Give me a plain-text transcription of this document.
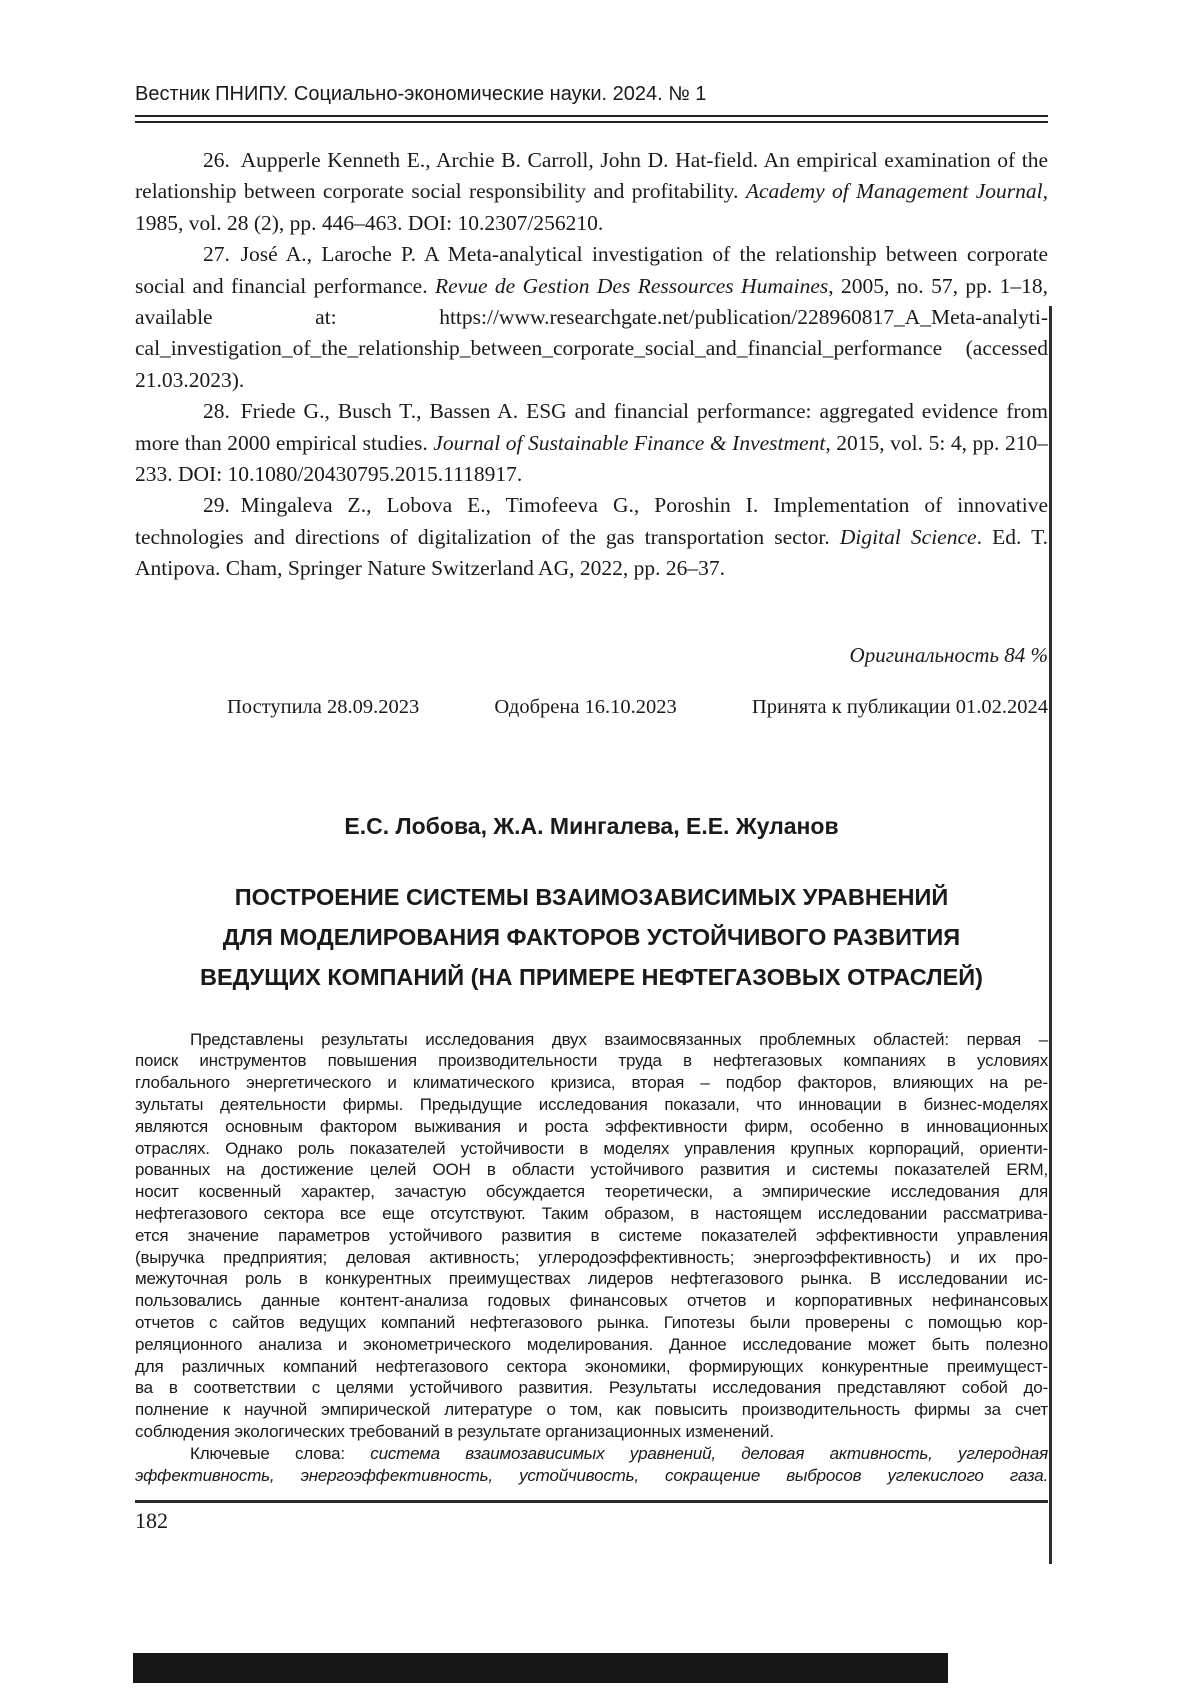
Вестник ПНИПУ. Социально-экономические науки. 2024. № 1

26. Aupperle Kenneth E., Archie B. Carroll, John D. Hat-field. An empirical examination of the relationship between corporate social responsibility and profitability. Academy of Management Journal, 1985, vol. 28 (2), pp. 446–463. DOI: 10.2307/256210.

27. José A., Laroche P. A Meta-analytical investigation of the relationship between corporate social and financial performance. Revue de Gestion Des Ressources Humaines, 2005, no. 57, pp. 1–18, available at: https://www.researchgate.net/publication/228960817_A_Meta-analyti-cal_investigation_of_the_relationship_between_corporate_social_and_financial_performance (accessed 21.03.2023).

28. Friede G., Busch T., Bassen A. ESG and financial performance: aggregated evidence from more than 2000 empirical studies. Journal of Sustainable Finance & Investment, 2015, vol. 5: 4, pp. 210–233. DOI: 10.1080/20430795.2015.1118917.

29. Mingaleva Z., Lobova E., Timofeeva G., Poroshin I. Implementation of innovative technologies and directions of digitalization of the gas transportation sector. Digital Science. Ed. T. Antipova. Cham, Springer Nature Switzerland AG, 2022, pp. 26–37.

Оригинальность 84 %
Поступила 28.09.2023	Одобрена 16.10.2023	Принята к публикации 01.02.2024
Е.С. Лобова, Ж.А. Мингалева, Е.Е. Жуланов
ПОСТРОЕНИЕ СИСТЕМЫ ВЗАИМОЗАВИСИМЫХ УРАВНЕНИЙ
ДЛЯ МОДЕЛИРОВАНИЯ ФАКТОРОВ УСТОЙЧИВОГО РАЗВИТИЯ
ВЕДУЩИХ КОМПАНИЙ (НА ПРИМЕРЕ НЕФТЕГАЗОВЫХ ОТРАСЛЕЙ)
Представлены результаты исследования двух взаимосвязанных проблемных областей: первая –
поиск инструментов повышения производительности труда в нефтегазовых компаниях в условиях
глобального энергетического и климатического кризиса, вторая – подбор факторов, влияющих на ре-
зультаты деятельности фирмы. Предыдущие исследования показали, что инновации в бизнес-моделях
являются основным фактором выживания и роста эффективности фирм, особенно в инновационных
отраслях. Однако роль показателей устойчивости в моделях управления крупных корпораций, ориенти-
рованных на достижение целей ООН в области устойчивого развития и системы показателей ERM,
носит косвенный характер, зачастую обсуждается теоретически, а эмпирические исследования для
нефтегазового сектора все еще отсутствуют. Таким образом, в настоящем исследовании рассматрива-
ется значение параметров устойчивого развития в системе показателей эффективности управления
(выручка предприятия; деловая активность; углеродоэффективность; энергоэффективность) и их про-
межуточная роль в конкурентных преимуществах лидеров нефтегазового рынка. В исследовании ис-
пользовались данные контент-анализа годовых финансовых отчетов и корпоративных нефинансовых
отчетов с сайтов ведущих компаний нефтегазового рынка. Гипотезы были проверены с помощью кор-
реляционного анализа и эконометрического моделирования. Данное исследование может быть полезно
для различных компаний нефтегазового сектора экономики, формирующих конкурентные преимущест-
ва в соответствии с целями устойчивого развития. Результаты исследования представляют собой до-
полнение к научной эмпирической литературе о том, как повысить производительность фирмы за счет
соблюдения экологических требований в результате организационных изменений.
Ключевые слова: система взаимозависимых уравнений, деловая активность, углеродная
эффективность, энергоэффективность, устойчивость, сокращение выбросов углекислого газа.
182
